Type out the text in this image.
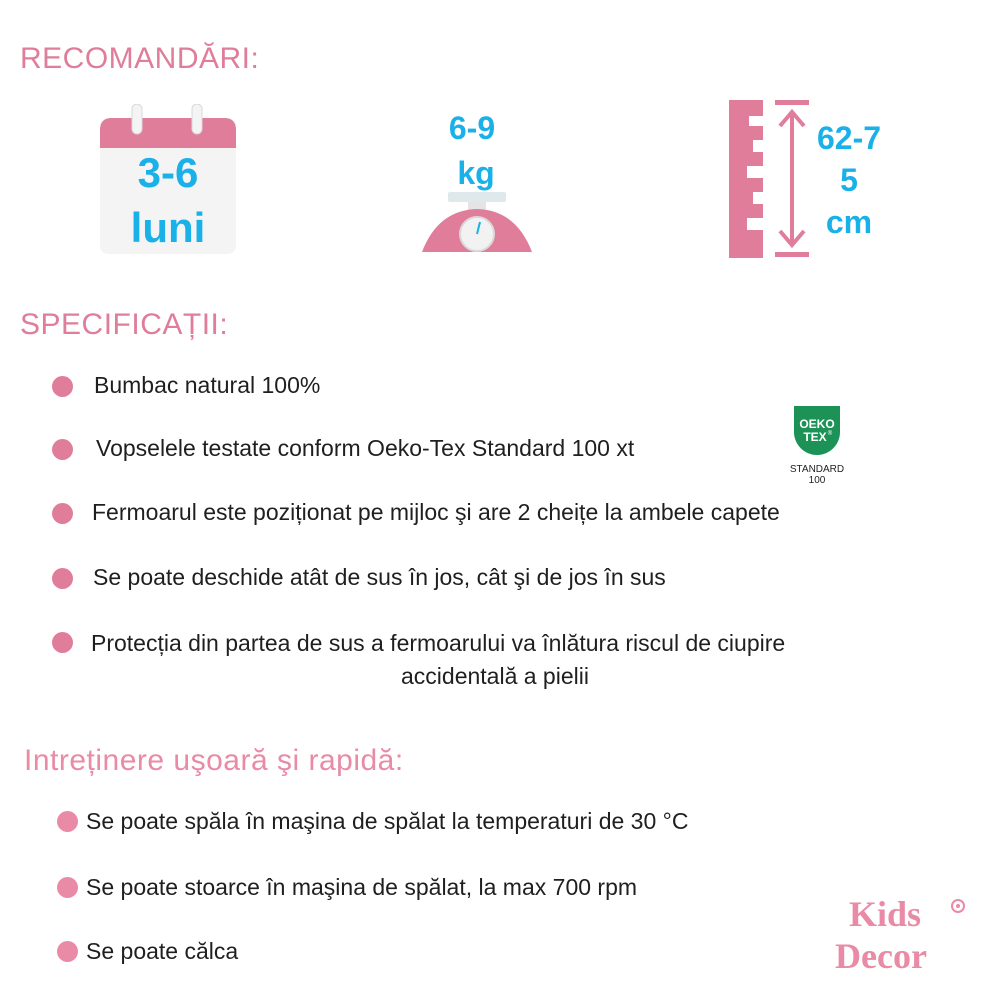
RECOMANDĂRI:
SPECIFICAȚII:
Intreținere uşoară şi rapidă:
3-6
luni
6-9
kg
62-7
5
cm
Bumbac natural 100%
Vopselele testate conform Oeko-Tex Standard 100 xt
Fermoarul este poziționat pe mijloc şi are 2 cheițe la ambele capete
Se poate deschide atât de sus în jos, cât şi de jos în sus
Protecția din partea de sus a fermoarului va înlătura riscul de ciupire
accidentală a pielii
OEKO
TEX ®
STANDARD
100
Se poate spăla în maşina de spălat la temperaturi de 30 °C
Se poate stoarce în maşina de spălat, la max 700 rpm
Se poate călca
Kids
Decor
